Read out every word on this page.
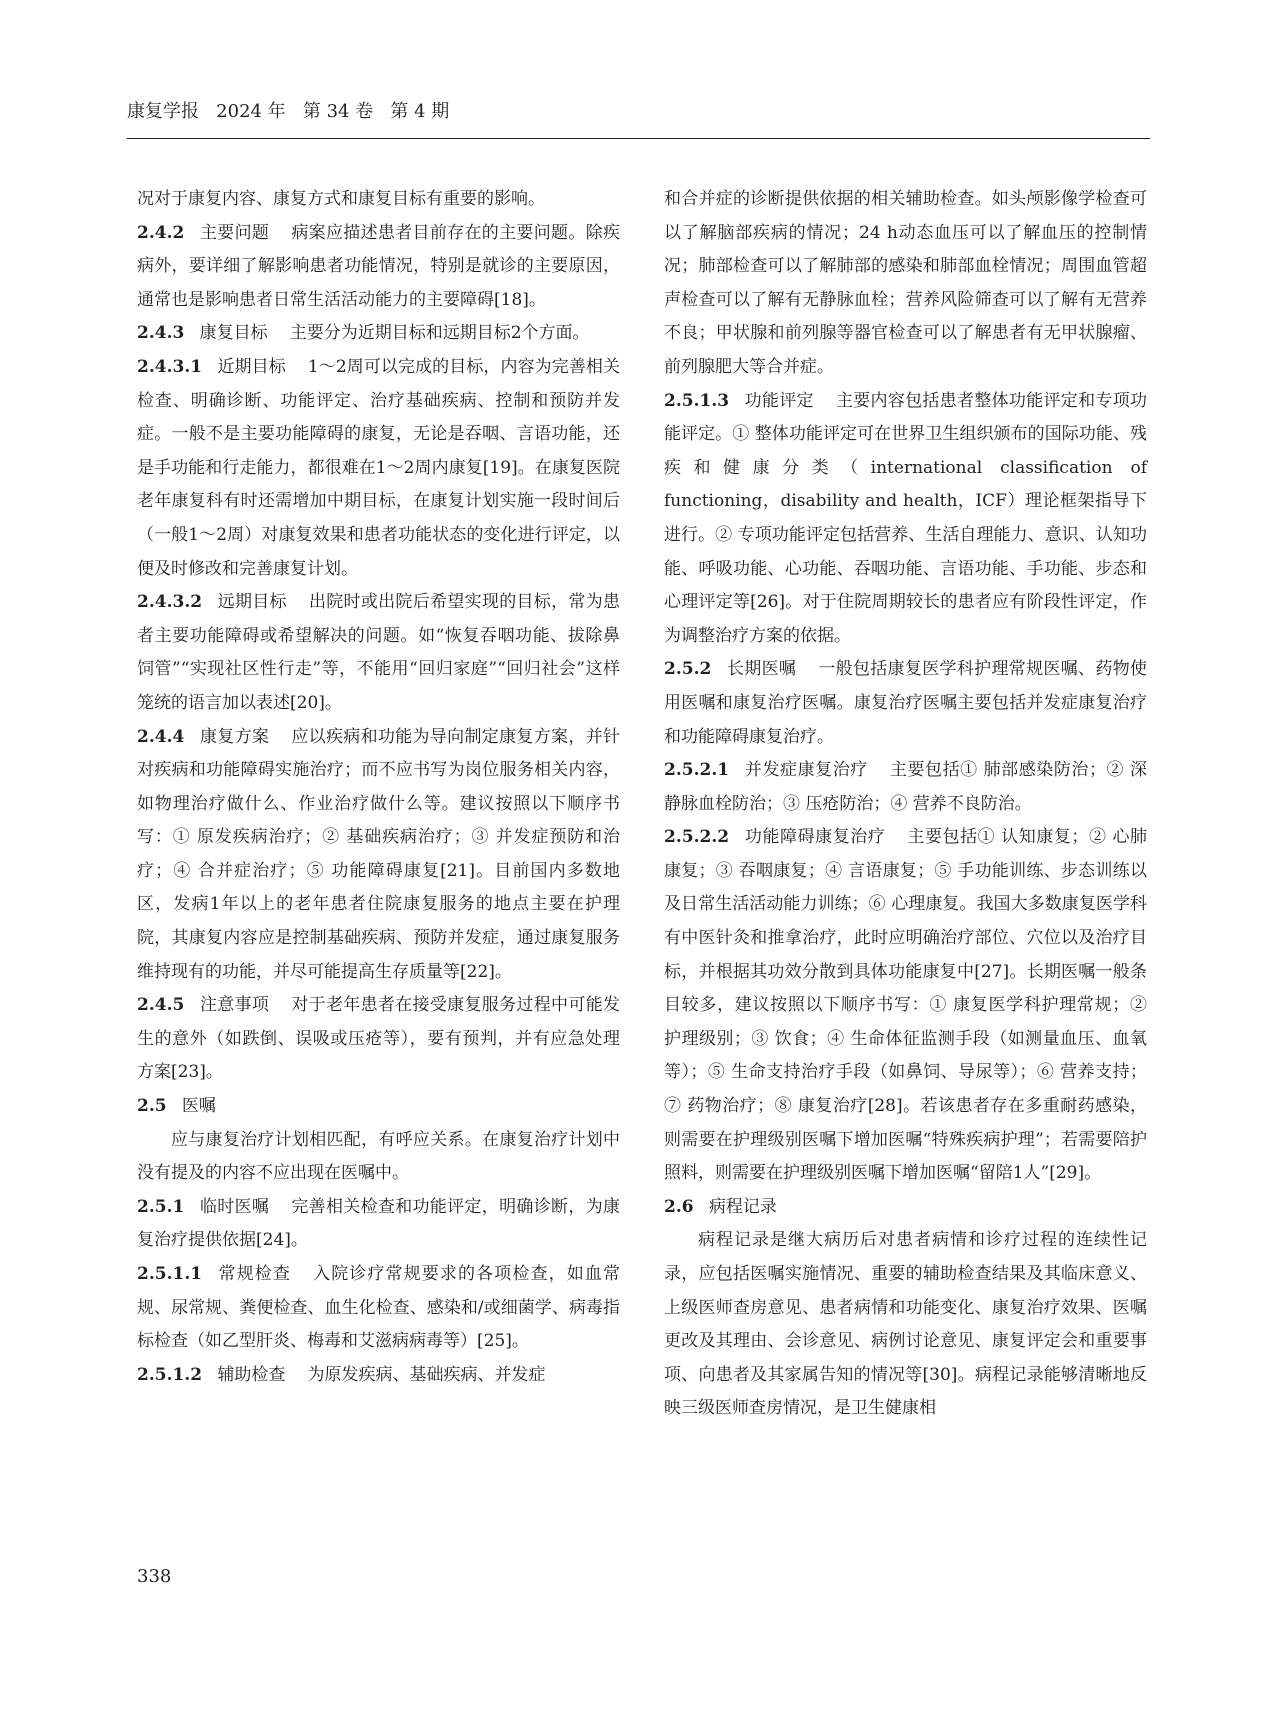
康复学报   2024 年   第 34 卷   第 4 期

况对于康复内容、康复方式和康复目标有重要的影响。

2.4.2 主要问题 病案应描述患者目前存在的主要问题。除疾病外，要详细了解影响患者功能情况，特别是就诊的主要原因，通常也是影响患者日常生活活动能力的主要障碍[18]。

2.4.3 康复目标 主要分为近期目标和远期目标2个方面。

2.4.3.1 近期目标 1～2周可以完成的目标，内容为完善相关检查、明确诊断、功能评定、治疗基础疾病、控制和预防并发症。一般不是主要功能障碍的康复，无论是吞咽、言语功能，还是手功能和行走能力，都很难在1～2周内康复[19]。在康复医院老年康复科有时还需增加中期目标，在康复计划实施一段时间后（一般1～2周）对康复效果和患者功能状态的变化进行评定，以便及时修改和完善康复计划。

2.4.3.2 远期目标 出院时或出院后希望实现的目标，常为患者主要功能障碍或希望解决的问题。如“恢复吞咽功能、拔除鼻饲管”“实现社区性行走”等，不能用“回归家庭”“回归社会”这样笼统的语言加以表述[20]。

2.4.4 康复方案 应以疾病和功能为导向制定康复方案，并针对疾病和功能障碍实施治疗；而不应书写为岗位服务相关内容，如物理治疗做什么、作业治疗做什么等。建议按照以下顺序书写：① 原发疾病治疗；② 基础疾病治疗；③ 并发症预防和治疗；④ 合并症治疗；⑤ 功能障碍康复[21]。目前国内多数地区，发病1年以上的老年患者住院康复服务的地点主要在护理院，其康复内容应是控制基础疾病、预防并发症，通过康复服务维持现有的功能，并尽可能提高生存质量等[22]。

2.4.5 注意事项 对于老年患者在接受康复服务过程中可能发生的意外（如跌倒、误吸或压疮等），要有预判，并有应急处理方案[23]。

2.5 医嘱

应与康复治疗计划相匹配，有呼应关系。在康复治疗计划中没有提及的内容不应出现在医嘱中。

2.5.1 临时医嘱 完善相关检查和功能评定，明确诊断，为康复治疗提供依据[24]。

2.5.1.1 常规检查 入院诊疗常规要求的各项检查，如血常规、尿常规、粪便检查、血生化检查、感染和/或细菌学、病毒指标检查（如乙型肝炎、梅毒和艾滋病病毒等）[25]。

2.5.1.2 辅助检查 为原发疾病、基础疾病、并发症

和合并症的诊断提供依据的相关辅助检查。如头颅影像学检查可以了解脑部疾病的情况；24 h动态血压可以了解血压的控制情况；肺部检查可以了解肺部的感染和肺部血栓情况；周围血管超声检查可以了解有无静脉血栓；营养风险筛查可以了解有无营养不良；甲状腺和前列腺等器官检查可以了解患者有无甲状腺瘤、前列腺肥大等合并症。

2.5.1.3 功能评定 主要内容包括患者整体功能评定和专项功能评定。① 整体功能评定可在世界卫生组织颁布的国际功能、残疾和健康分类（international classification of functioning，disability and health，ICF）理论框架指导下进行。② 专项功能评定包括营养、生活自理能力、意识、认知功能、呼吸功能、心功能、吞咽功能、言语功能、手功能、步态和心理评定等[26]。对于住院周期较长的患者应有阶段性评定，作为调整治疗方案的依据。

2.5.2 长期医嘱 一般包括康复医学科护理常规医嘱、药物使用医嘱和康复治疗医嘱。康复治疗医嘱主要包括并发症康复治疗和功能障碍康复治疗。

2.5.2.1 并发症康复治疗 主要包括① 肺部感染防治；② 深静脉血栓防治；③ 压疮防治；④ 营养不良防治。

2.5.2.2 功能障碍康复治疗 主要包括① 认知康复；② 心肺康复；③ 吞咽康复；④ 言语康复；⑤ 手功能训练、步态训练以及日常生活活动能力训练；⑥ 心理康复。我国大多数康复医学科有中医针灸和推拿治疗，此时应明确治疗部位、穴位以及治疗目标，并根据其功效分散到具体功能康复中[27]。长期医嘱一般条目较多，建议按照以下顺序书写：① 康复医学科护理常规；② 护理级别；③ 饮食；④ 生命体征监测手段（如测量血压、血氧等）；⑤ 生命支持治疗手段（如鼻饲、导尿等）；⑥ 营养支持；⑦ 药物治疗；⑧ 康复治疗[28]。若该患者存在多重耐药感染，则需要在护理级别医嘱下增加医嘱“特殊疾病护理”；若需要陪护照料，则需要在护理级别医嘱下增加医嘱“留陪1人”[29]。

2.6 病程记录

病程记录是继大病历后对患者病情和诊疗过程的连续性记录，应包括医嘱实施情况、重要的辅助检查结果及其临床意义、上级医师查房意见、患者病情和功能变化、康复治疗效果、医嘱更改及其理由、会诊意见、病例讨论意见、康复评定会和重要事项、向患者及其家属告知的情况等[30]。病程记录能够清晰地反映三级医师查房情况，是卫生健康相

338
